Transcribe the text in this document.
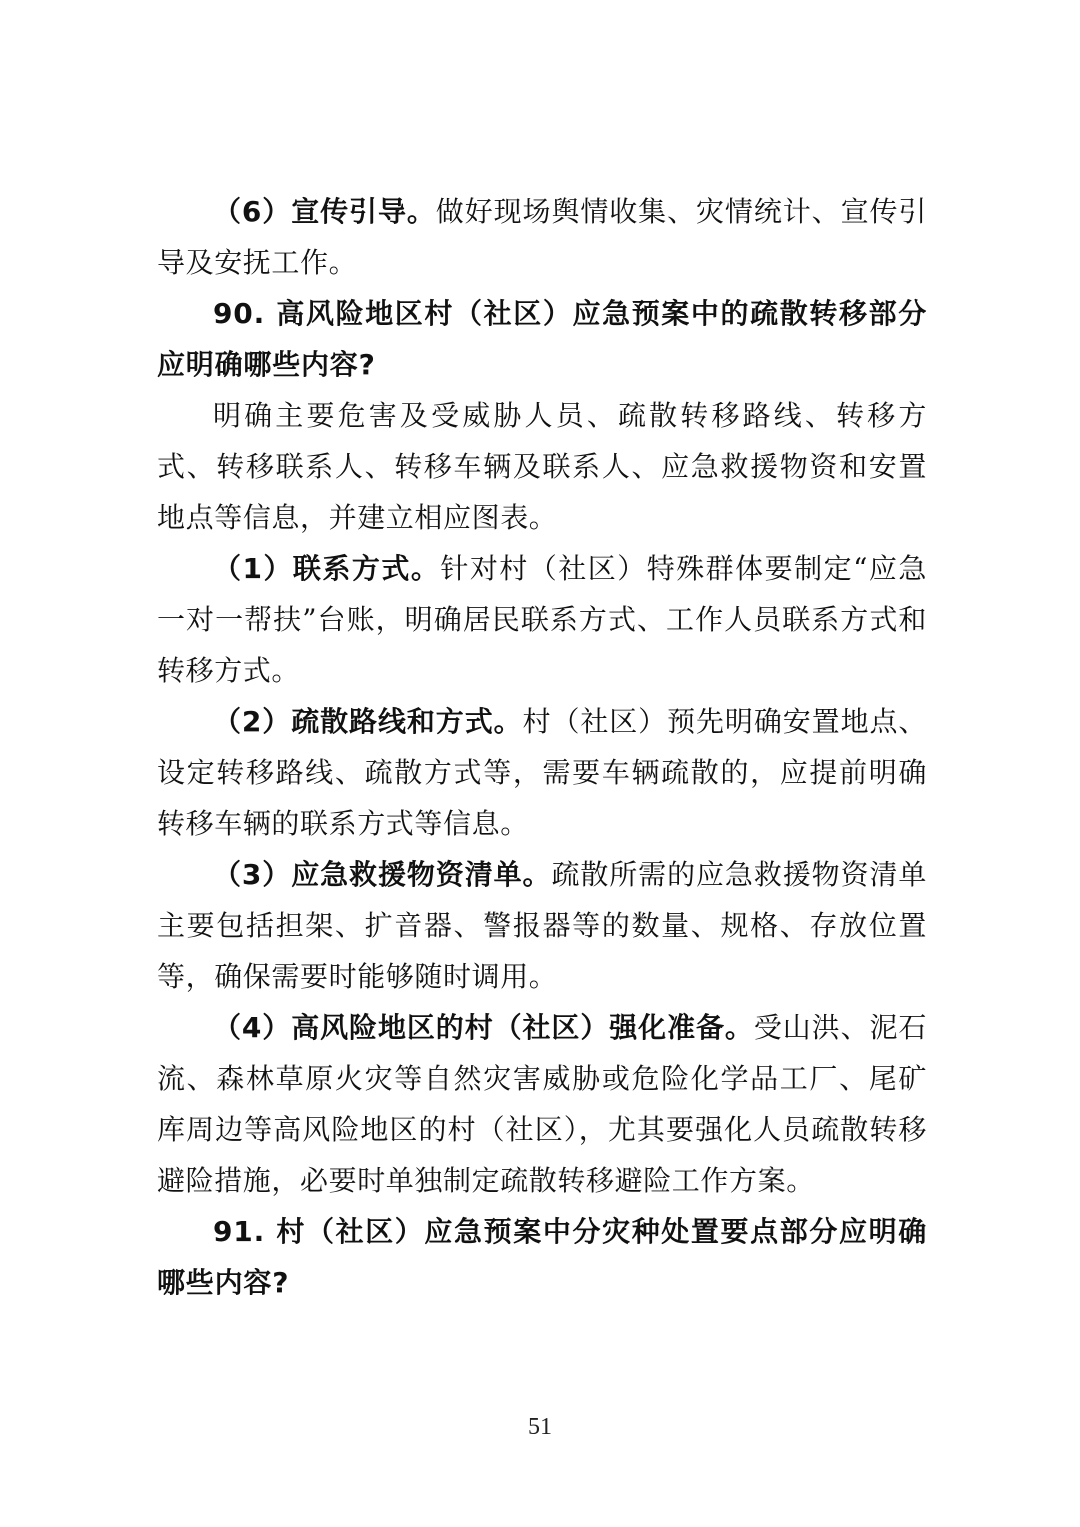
（6）宣传引导。做好现场舆情收集、灾情统计、宣传引导及安抚工作。

90. 高风险地区村（社区）应急预案中的疏散转移部分应明确哪些内容?

明确主要危害及受威胁人员、疏散转移路线、转移方式、转移联系人、转移车辆及联系人、应急救援物资和安置地点等信息，并建立相应图表。

（1）联系方式。针对村（社区）特殊群体要制定“应急一对一帮扶”台账，明确居民联系方式、工作人员联系方式和转移方式。

（2）疏散路线和方式。村（社区）预先明确安置地点、设定转移路线、疏散方式等，需要车辆疏散的，应提前明确转移车辆的联系方式等信息。

（3）应急救援物资清单。疏散所需的应急救援物资清单主要包括担架、扩音器、警报器等的数量、规格、存放位置等，确保需要时能够随时调用。

（4）高风险地区的村（社区）强化准备。受山洪、泥石流、森林草原火灾等自然灾害威胁或危险化学品工厂、尾矿库周边等高风险地区的村（社区），尤其要强化人员疏散转移避险措施，必要时单独制定疏散转移避险工作方案。

91. 村（社区）应急预案中分灾种处置要点部分应明确哪些内容?

51
